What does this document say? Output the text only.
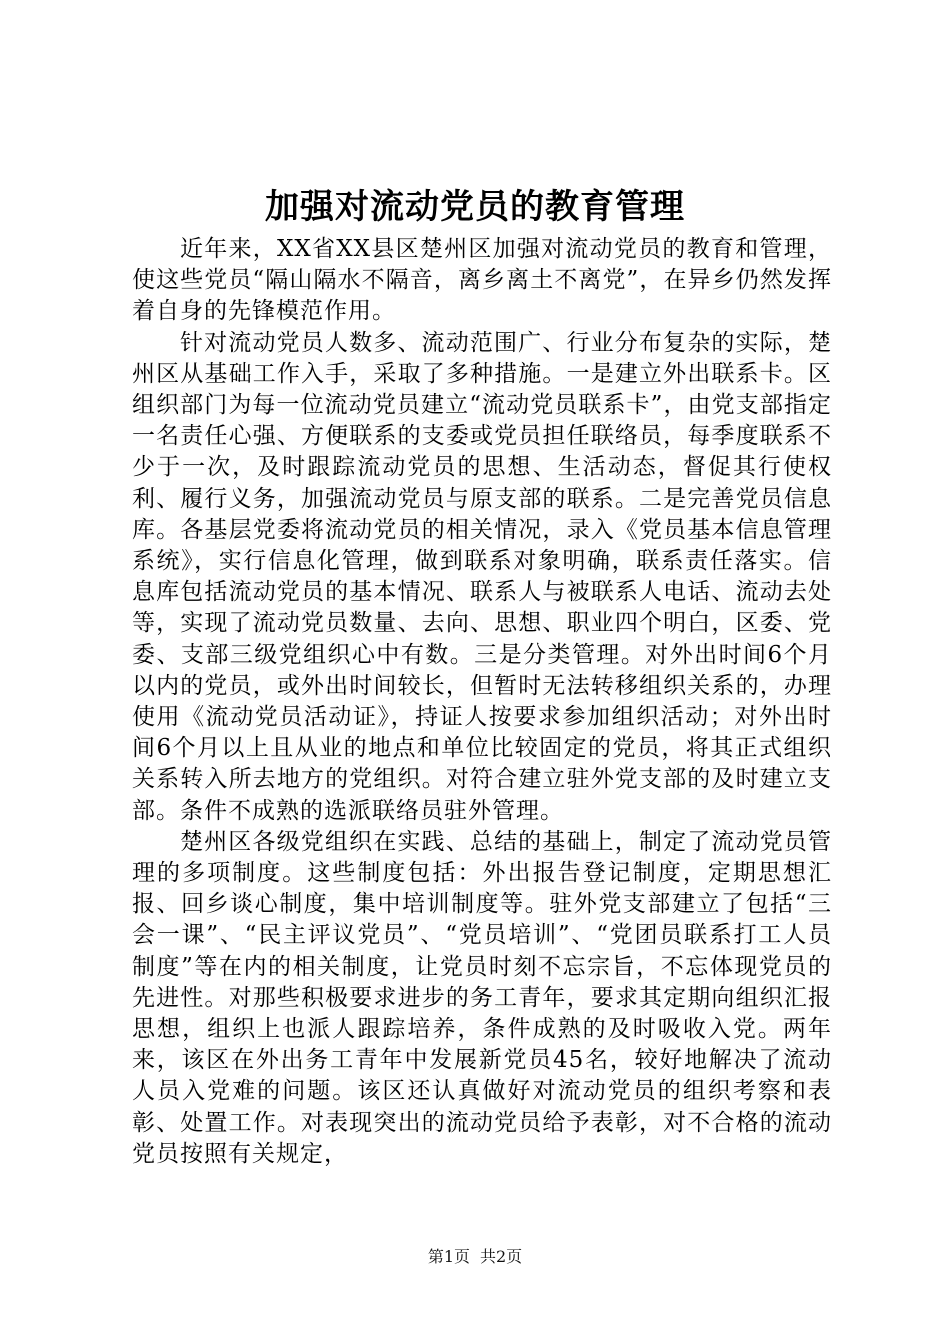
加强对流动党员的教育管理

近年来，XX省XX县区楚州区加强对流动党员的教育和管理，使这些党员“隔山隔水不隔音，离乡离土不离党”，在异乡仍然发挥着自身的先锋模范作用。

针对流动党员人数多、流动范围广、行业分布复杂的实际，楚州区从基础工作入手，采取了多种措施。一是建立外出联系卡。区组织部门为每一位流动党员建立“流动党员联系卡”，由党支部指定一名责任心强、方便联系的支委或党员担任联络员，每季度联系不少于一次，及时跟踪流动党员的思想、生活动态，督促其行使权利、履行义务，加强流动党员与原支部的联系。二是完善党员信息库。各基层党委将流动党员的相关情况，录入《党员基本信息管理系统》，实行信息化管理，做到联系对象明确，联系责任落实。信息库包括流动党员的基本情况、联系人与被联系人电话、流动去处等，实现了流动党员数量、去向、思想、职业四个明白，区委、党委、支部三级党组织心中有数。三是分类管理。对外出时间6个月以内的党员，或外出时间较长，但暂时无法转移组织关系的，办理使用《流动党员活动证》，持证人按要求参加组织活动；对外出时间6个月以上且从业的地点和单位比较固定的党员，将其正式组织关系转入所去地方的党组织。对符合建立驻外党支部的及时建立支部。条件不成熟的选派联络员驻外管理。

楚州区各级党组织在实践、总结的基础上，制定了流动党员管理的多项制度。这些制度包括：外出报告登记制度，定期思想汇报、回乡谈心制度，集中培训制度等。驻外党支部建立了包括“三会一课”、“民主评议党员”、“党员培训”、“党团员联系打工人员制度”等在内的相关制度，让党员时刻不忘宗旨，不忘体现党员的先进性。对那些积极要求进步的务工青年，要求其定期向组织汇报思想，组织上也派人跟踪培养，条件成熟的及时吸收入党。两年来，该区在外出务工青年中发展新党员45名，较好地解决了流动人员入党难的问题。该区还认真做好对流动党员的组织考察和表彰、处置工作。对表现突出的流动党员给予表彰，对不合格的流动党员按照有关规定，

第1页 共2页
